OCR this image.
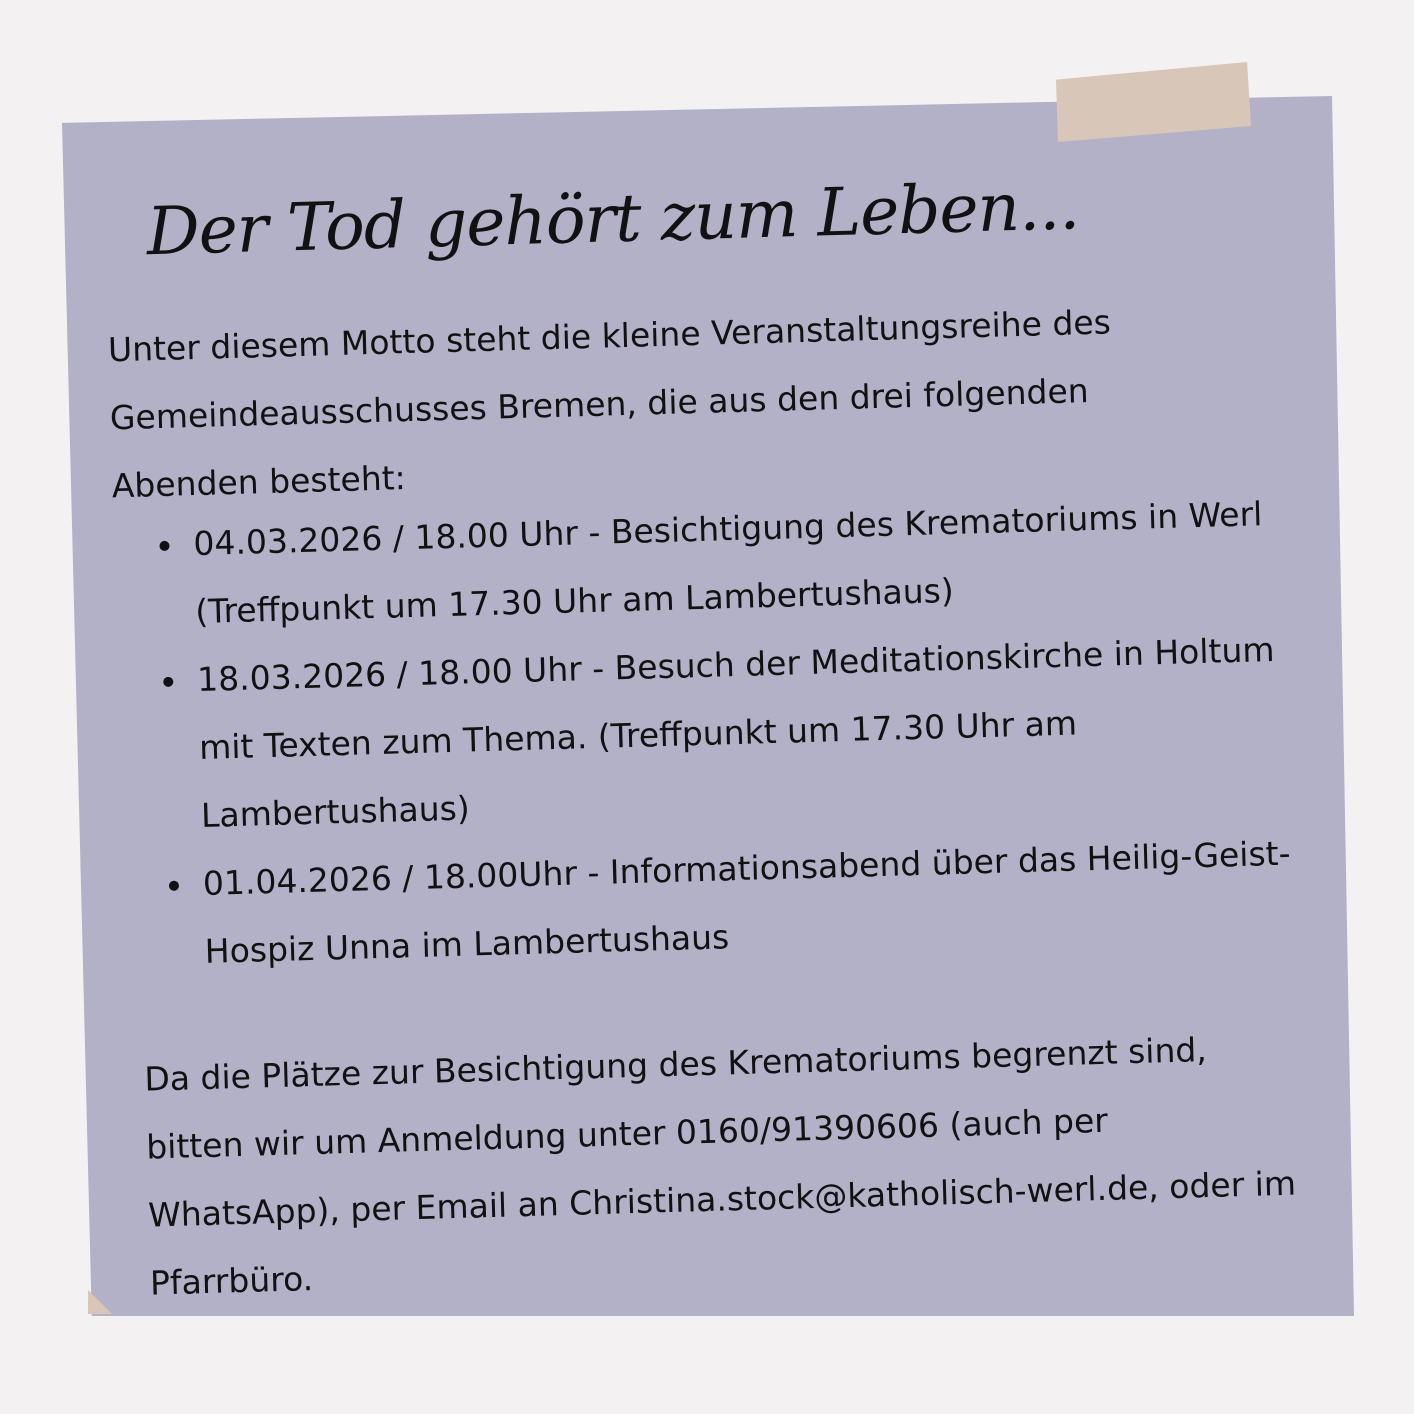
Der Tod gehört zum Leben...

Unter diesem Motto steht die kleine Veranstaltungsreihe des Gemeindeausschusses Bremen, die aus den drei folgenden Abenden besteht:

04.03.2026 / 18.00 Uhr - Besichtigung des Krematoriums in Werl (Treffpunkt um 17.30 Uhr am Lambertushaus)
18.03.2026 / 18.00 Uhr - Besuch der Meditationskirche in Holtum mit Texten zum Thema. (Treffpunkt um 17.30 Uhr am Lambertushaus)
01.04.2026 / 18.00Uhr - Informationsabend über das Heilig-Geist-Hospiz Unna im Lambertushaus

Da die Plätze zur Besichtigung des Krematoriums begrenzt sind, bitten wir um Anmeldung unter 0160/91390606 (auch per WhatsApp), per Email an Christina.stock@katholisch-werl.de, oder im Pfarrbüro.
